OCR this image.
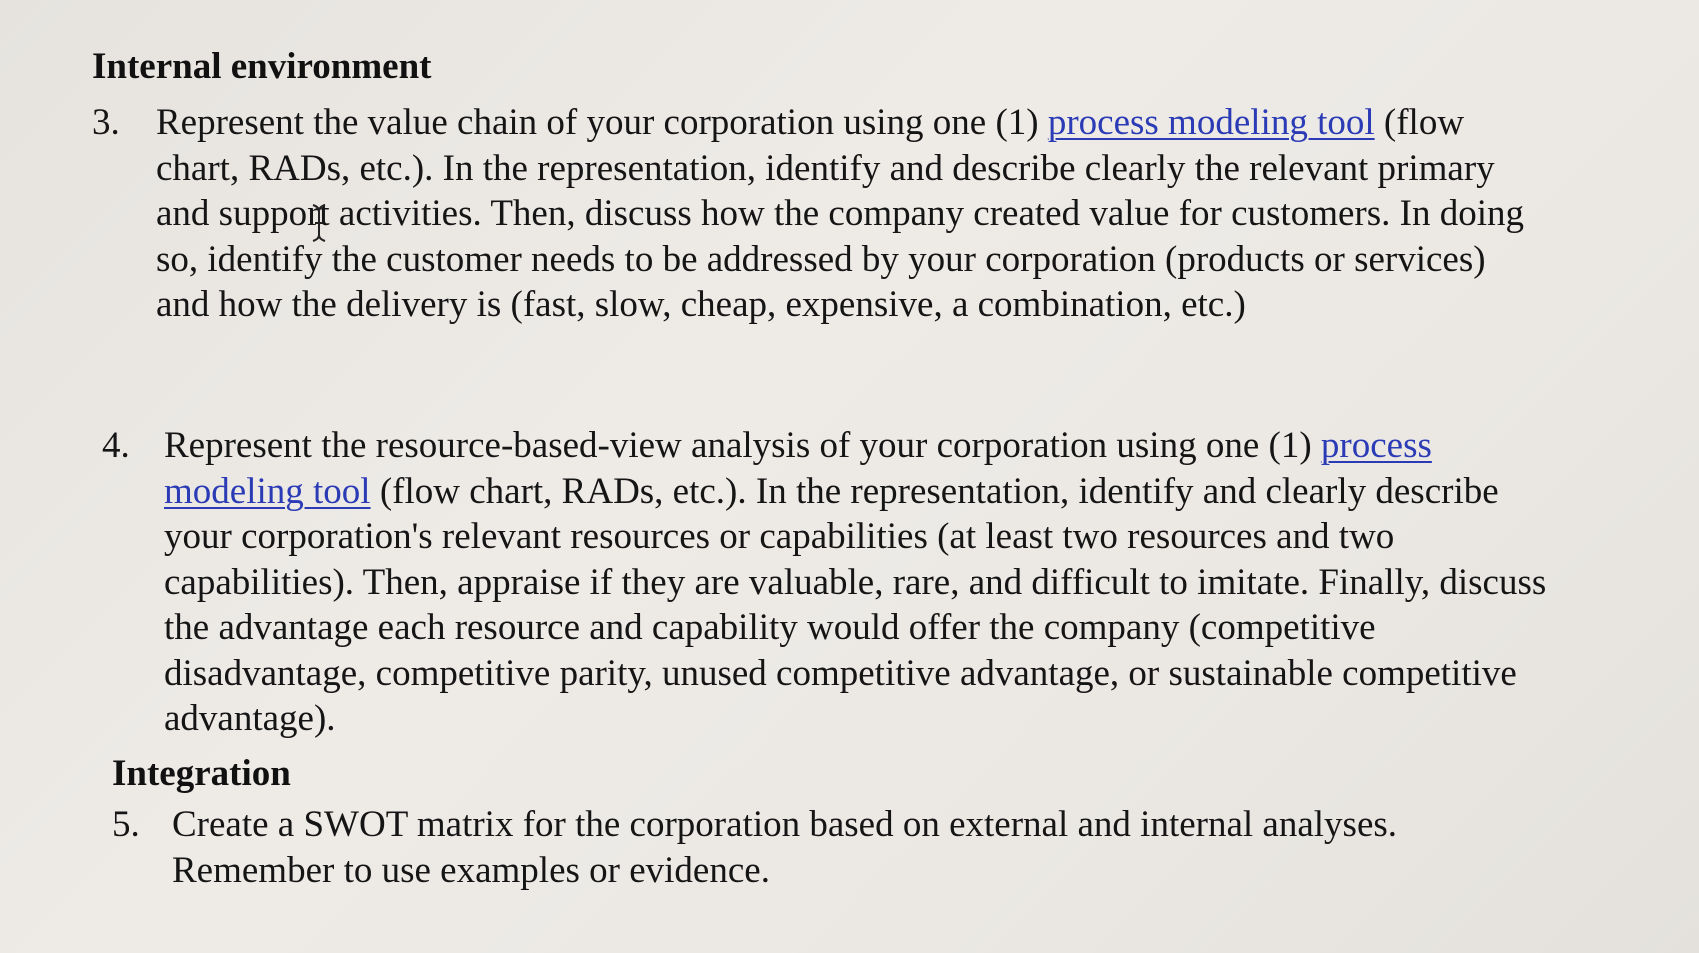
Internal environment
3. Represent the value chain of your corporation using one (1) process modeling tool (flow
chart, RADs, etc.). In the representation, identify and describe clearly the relevant primary
and support activities. Then, discuss how the company created value for customers. In doing
so, identify the customer needs to be addressed by your corporation (products or services)
and how the delivery is (fast, slow, cheap, expensive, a combination, etc.)
4. Represent the resource-based-view analysis of your corporation using one (1) process
modeling tool (flow chart, RADs, etc.). In the representation, identify and clearly describe
your corporation's relevant resources or capabilities (at least two resources and two
capabilities). Then, appraise if they are valuable, rare, and difficult to imitate. Finally, discuss
the advantage each resource and capability would offer the company (competitive
disadvantage, competitive parity, unused competitive advantage, or sustainable competitive
advantage).
Integration
5. Create a SWOT matrix for the corporation based on external and internal analyses.
Remember to use examples or evidence.
